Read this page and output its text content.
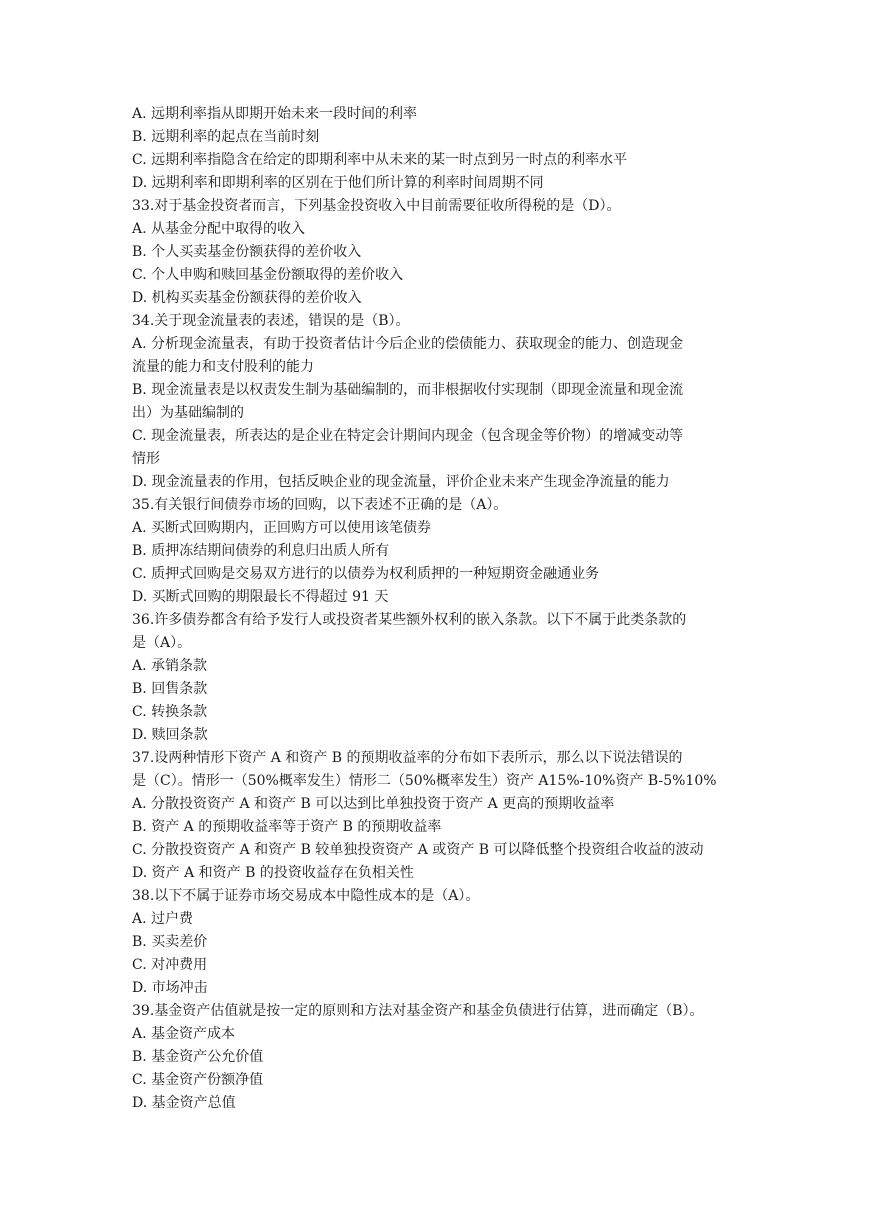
A. 远期利率指从即期开始未来一段时间的利率
B. 远期利率的起点在当前时刻
C. 远期利率指隐含在给定的即期利率中从未来的某一时点到另一时点的利率水平
D. 远期利率和即期利率的区别在于他们所计算的利率时间周期不同
33.对于基金投资者而言，下列基金投资收入中目前需要征收所得税的是（D）。
A. 从基金分配中取得的收入
B. 个人买卖基金份额获得的差价收入
C. 个人申购和赎回基金份额取得的差价收入
D. 机构买卖基金份额获得的差价收入
34.关于现金流量表的表述，错误的是（B）。
A. 分析现金流量表，有助于投资者估计今后企业的偿债能力、获取现金的能力、创造现金
流量的能力和支付股利的能力
B. 现金流量表是以权责发生制为基础编制的，而非根据收付实现制（即现金流量和现金流
出）为基础编制的
C. 现金流量表，所表达的是企业在特定会计期间内现金（包含现金等价物）的增减变动等
情形
D. 现金流量表的作用，包括反映企业的现金流量，评价企业未来产生现金净流量的能力
35.有关银行间债券市场的回购，以下表述不正确的是（A）。
A. 买断式回购期内，正回购方可以使用该笔债券
B. 质押冻结期间债券的利息归出质人所有
C. 质押式回购是交易双方进行的以债券为权利质押的一种短期资金融通业务
D. 买断式回购的期限最长不得超过 91 天
36.许多债券都含有给予发行人或投资者某些额外权利的嵌入条款。以下不属于此类条款的
是（A）。
A. 承销条款
B. 回售条款
C. 转换条款
D. 赎回条款
37.设两种情形下资产 A 和资产 B 的预期收益率的分布如下表所示，那么以下说法错误的
是（C）。情形一（50%概率发生）情形二（50%概率发生）资产 A15%-10%资产 B-5%10%
A. 分散投资资产 A 和资产 B 可以达到比单独投资于资产 A 更高的预期收益率
B. 资产 A 的预期收益率等于资产 B 的预期收益率
C. 分散投资资产 A 和资产 B 较单独投资资产 A 或资产 B 可以降低整个投资组合收益的波动
D. 资产 A 和资产 B 的投资收益存在负相关性
38.以下不属于证券市场交易成本中隐性成本的是（A）。
A. 过户费
B. 买卖差价
C. 对冲费用
D. 市场冲击
39.基金资产估值就是按一定的原则和方法对基金资产和基金负债进行估算，进而确定（B）。
A. 基金资产成本
B. 基金资产公允价值
C. 基金资产份额净值
D. 基金资产总值
